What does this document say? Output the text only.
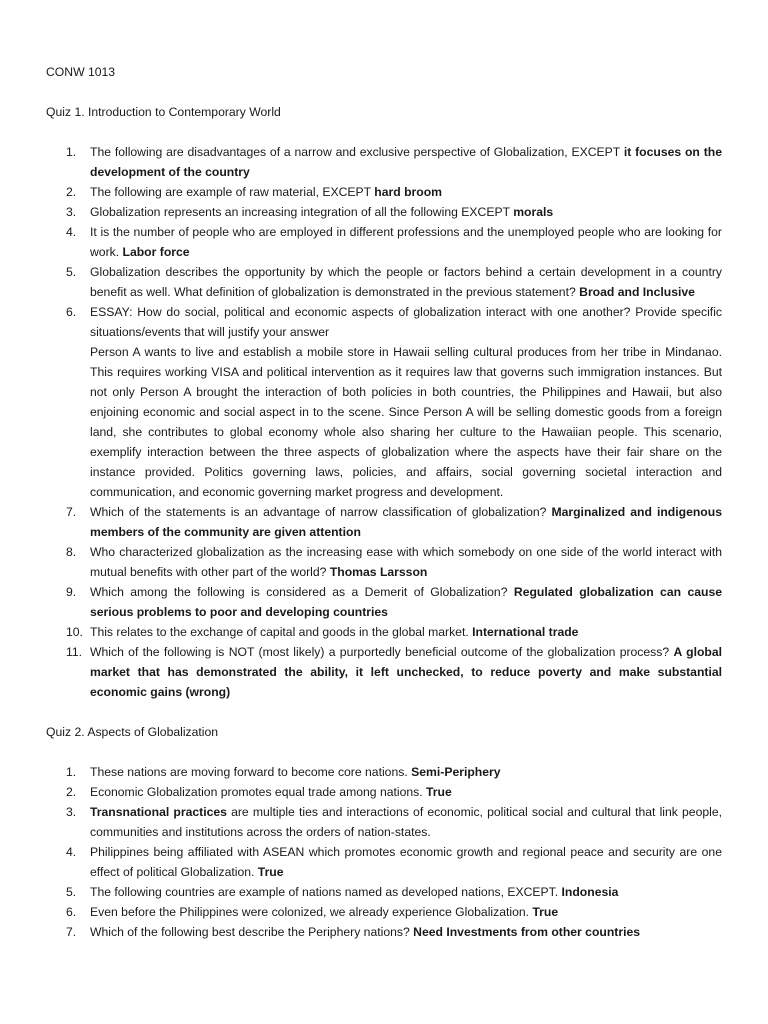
CONW 1013
Quiz 1. Introduction to Contemporary World
1.	The following are disadvantages of a narrow and exclusive perspective of Globalization, EXCEPT it focuses on the development of the country
2.	The following are example of raw material, EXCEPT hard broom
3.	Globalization represents an increasing integration of all the following EXCEPT morals
4.	It is the number of people who are employed in different professions and the unemployed people who are looking for work. Labor force
5.	Globalization describes the opportunity by which the people or factors behind a certain development in a country benefit as well. What definition of globalization is demonstrated in the previous statement? Broad and Inclusive
6.	ESSAY: How do social, political and economic aspects of globalization interact with one another? Provide specific situations/events that will justify your answer
Person A wants to live and establish a mobile store in Hawaii selling cultural produces from her tribe in Mindanao. This requires working VISA and political intervention as it requires law that governs such immigration instances. But not only Person A brought the interaction of both policies in both countries, the Philippines and Hawaii, but also enjoining economic and social aspect in to the scene. Since Person A will be selling domestic goods from a foreign land, she contributes to global economy whole also sharing her culture to the Hawaiian people. This scenario, exemplify interaction between the three aspects of globalization where the aspects have their fair share on the instance provided. Politics governing laws, policies, and affairs, social governing societal interaction and communication, and economic governing market progress and development.
7.	Which of the statements is an advantage of narrow classification of globalization? Marginalized and indigenous members of the community are given attention
8.	Who characterized globalization as the increasing ease with which somebody on one side of the world interact with mutual benefits with other part of the world? Thomas Larsson
9.	Which among the following is considered as a Demerit of Globalization? Regulated globalization can cause serious problems to poor and developing countries
10. This relates to the exchange of capital and goods in the global market. International trade
11. Which of the following is NOT (most likely) a purportedly beneficial outcome of the globalization process? A global market that has demonstrated the ability, it left unchecked, to reduce poverty and make substantial economic gains (wrong)
Quiz 2. Aspects of Globalization
1.	These nations are moving forward to become core nations. Semi-Periphery
2.	Economic Globalization promotes equal trade among nations. True
3.	Transnational practices are multiple ties and interactions of economic, political social and cultural that link people, communities and institutions across the orders of nation-states.
4.	Philippines being affiliated with ASEAN which promotes economic growth and regional peace and security are one effect of political Globalization. True
5.	The following countries are example of nations named as developed nations, EXCEPT. Indonesia
6.	Even before the Philippines were colonized, we already experience Globalization. True
7.	Which of the following best describe the Periphery nations? Need Investments from other countries
